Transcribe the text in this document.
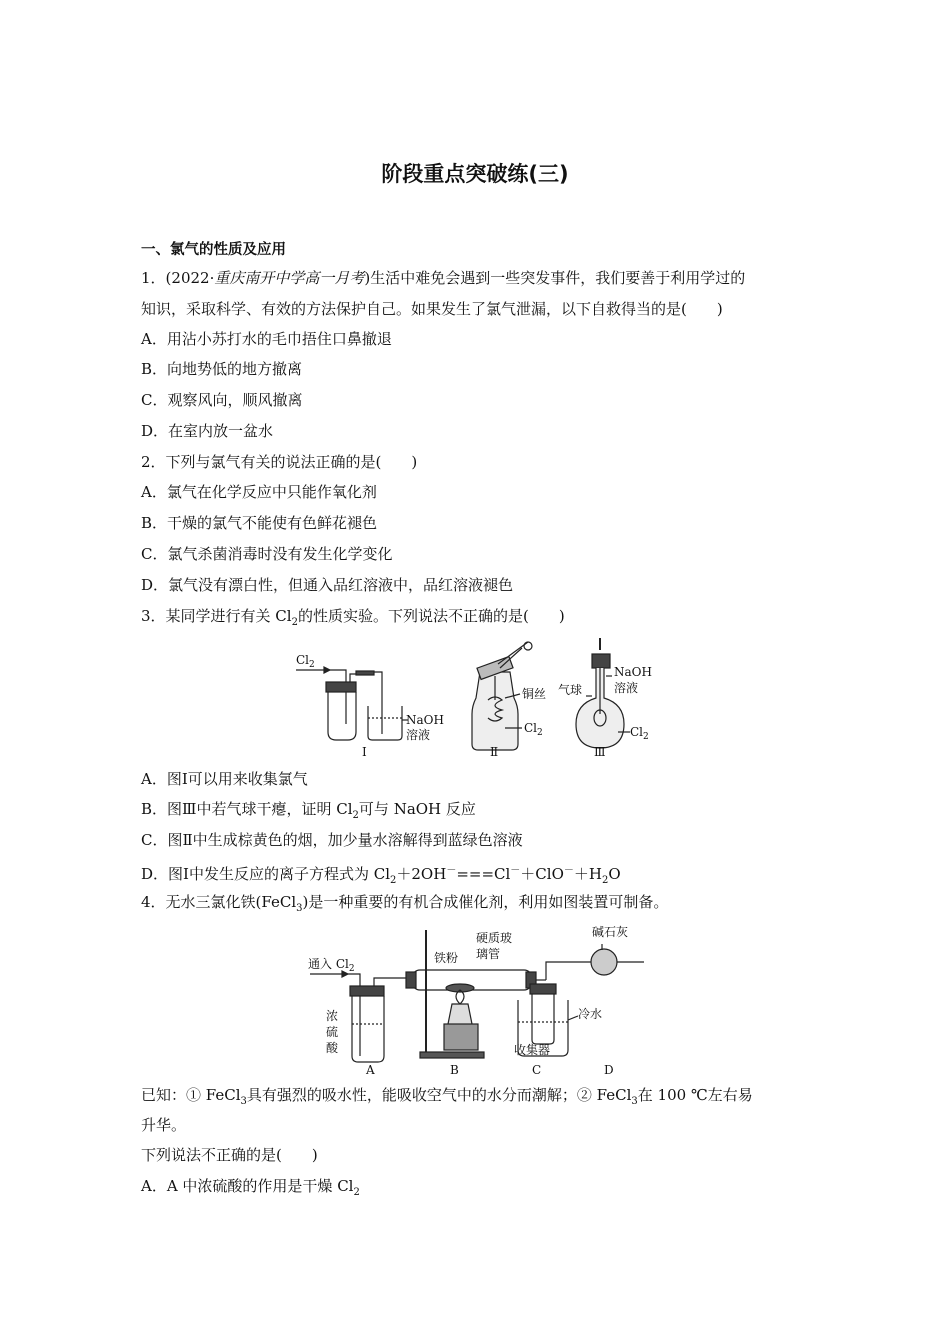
阶段重点突破练(三)
一、氯气的性质及应用
1．(2022·重庆南开中学高一月考)生活中难免会遇到一些突发事件，我们要善于利用学过的
知识，采取科学、有效的方法保护自己。如果发生了氯气泄漏，以下自救得当的是(　　)
A．用沾小苏打水的毛巾捂住口鼻撤退
B．向地势低的地方撤离
C．观察风向，顺风撤离
D．在室内放一盆水
2．下列与氯气有关的说法正确的是(　　)
A．氯气在化学反应中只能作氧化剂
B．干燥的氯气不能使有色鲜花褪色
C．氯气杀菌消毒时没有发生化学变化
D．氯气没有漂白性，但通入品红溶液中，品红溶液褪色
3．某同学进行有关 $Cl_2$的性质实验。下列说法不正确的是(　　)
$Cl_2$
NaOH
溶液
Ⅰ
铜丝
$Cl_2$
Ⅱ
NaOH
溶液
气球
$Cl_2$
Ⅲ
A．图Ⅰ可以用来收集氯气
B．图Ⅲ中若气球干瘪，证明 $Cl_2$可与 NaOH 反应
C．图Ⅱ中生成棕黄色的烟，加少量水溶解得到蓝绿色溶液
D．图Ⅰ中发生反应的离子方程式为 $Cl_2+2OH^-===Cl^-+ClO^-+H_2O$
4．无水三氯化铁(FeCl$_3$)是一种重要的有机合成催化剂，利用如图装置可制备。
通入 $Cl_2$
浓
硫
酸
铁粉
硬质玻
璃管
碱石灰
冷水
收集器
A	B	C	D
已知：① FeCl$_3$具有强烈的吸水性，能吸收空气中的水分而潮解；② FeCl$_3$在 100 ℃左右易
升华。
下列说法不正确的是(　　)
A．A 中浓硫酸的作用是干燥 $Cl_2$
